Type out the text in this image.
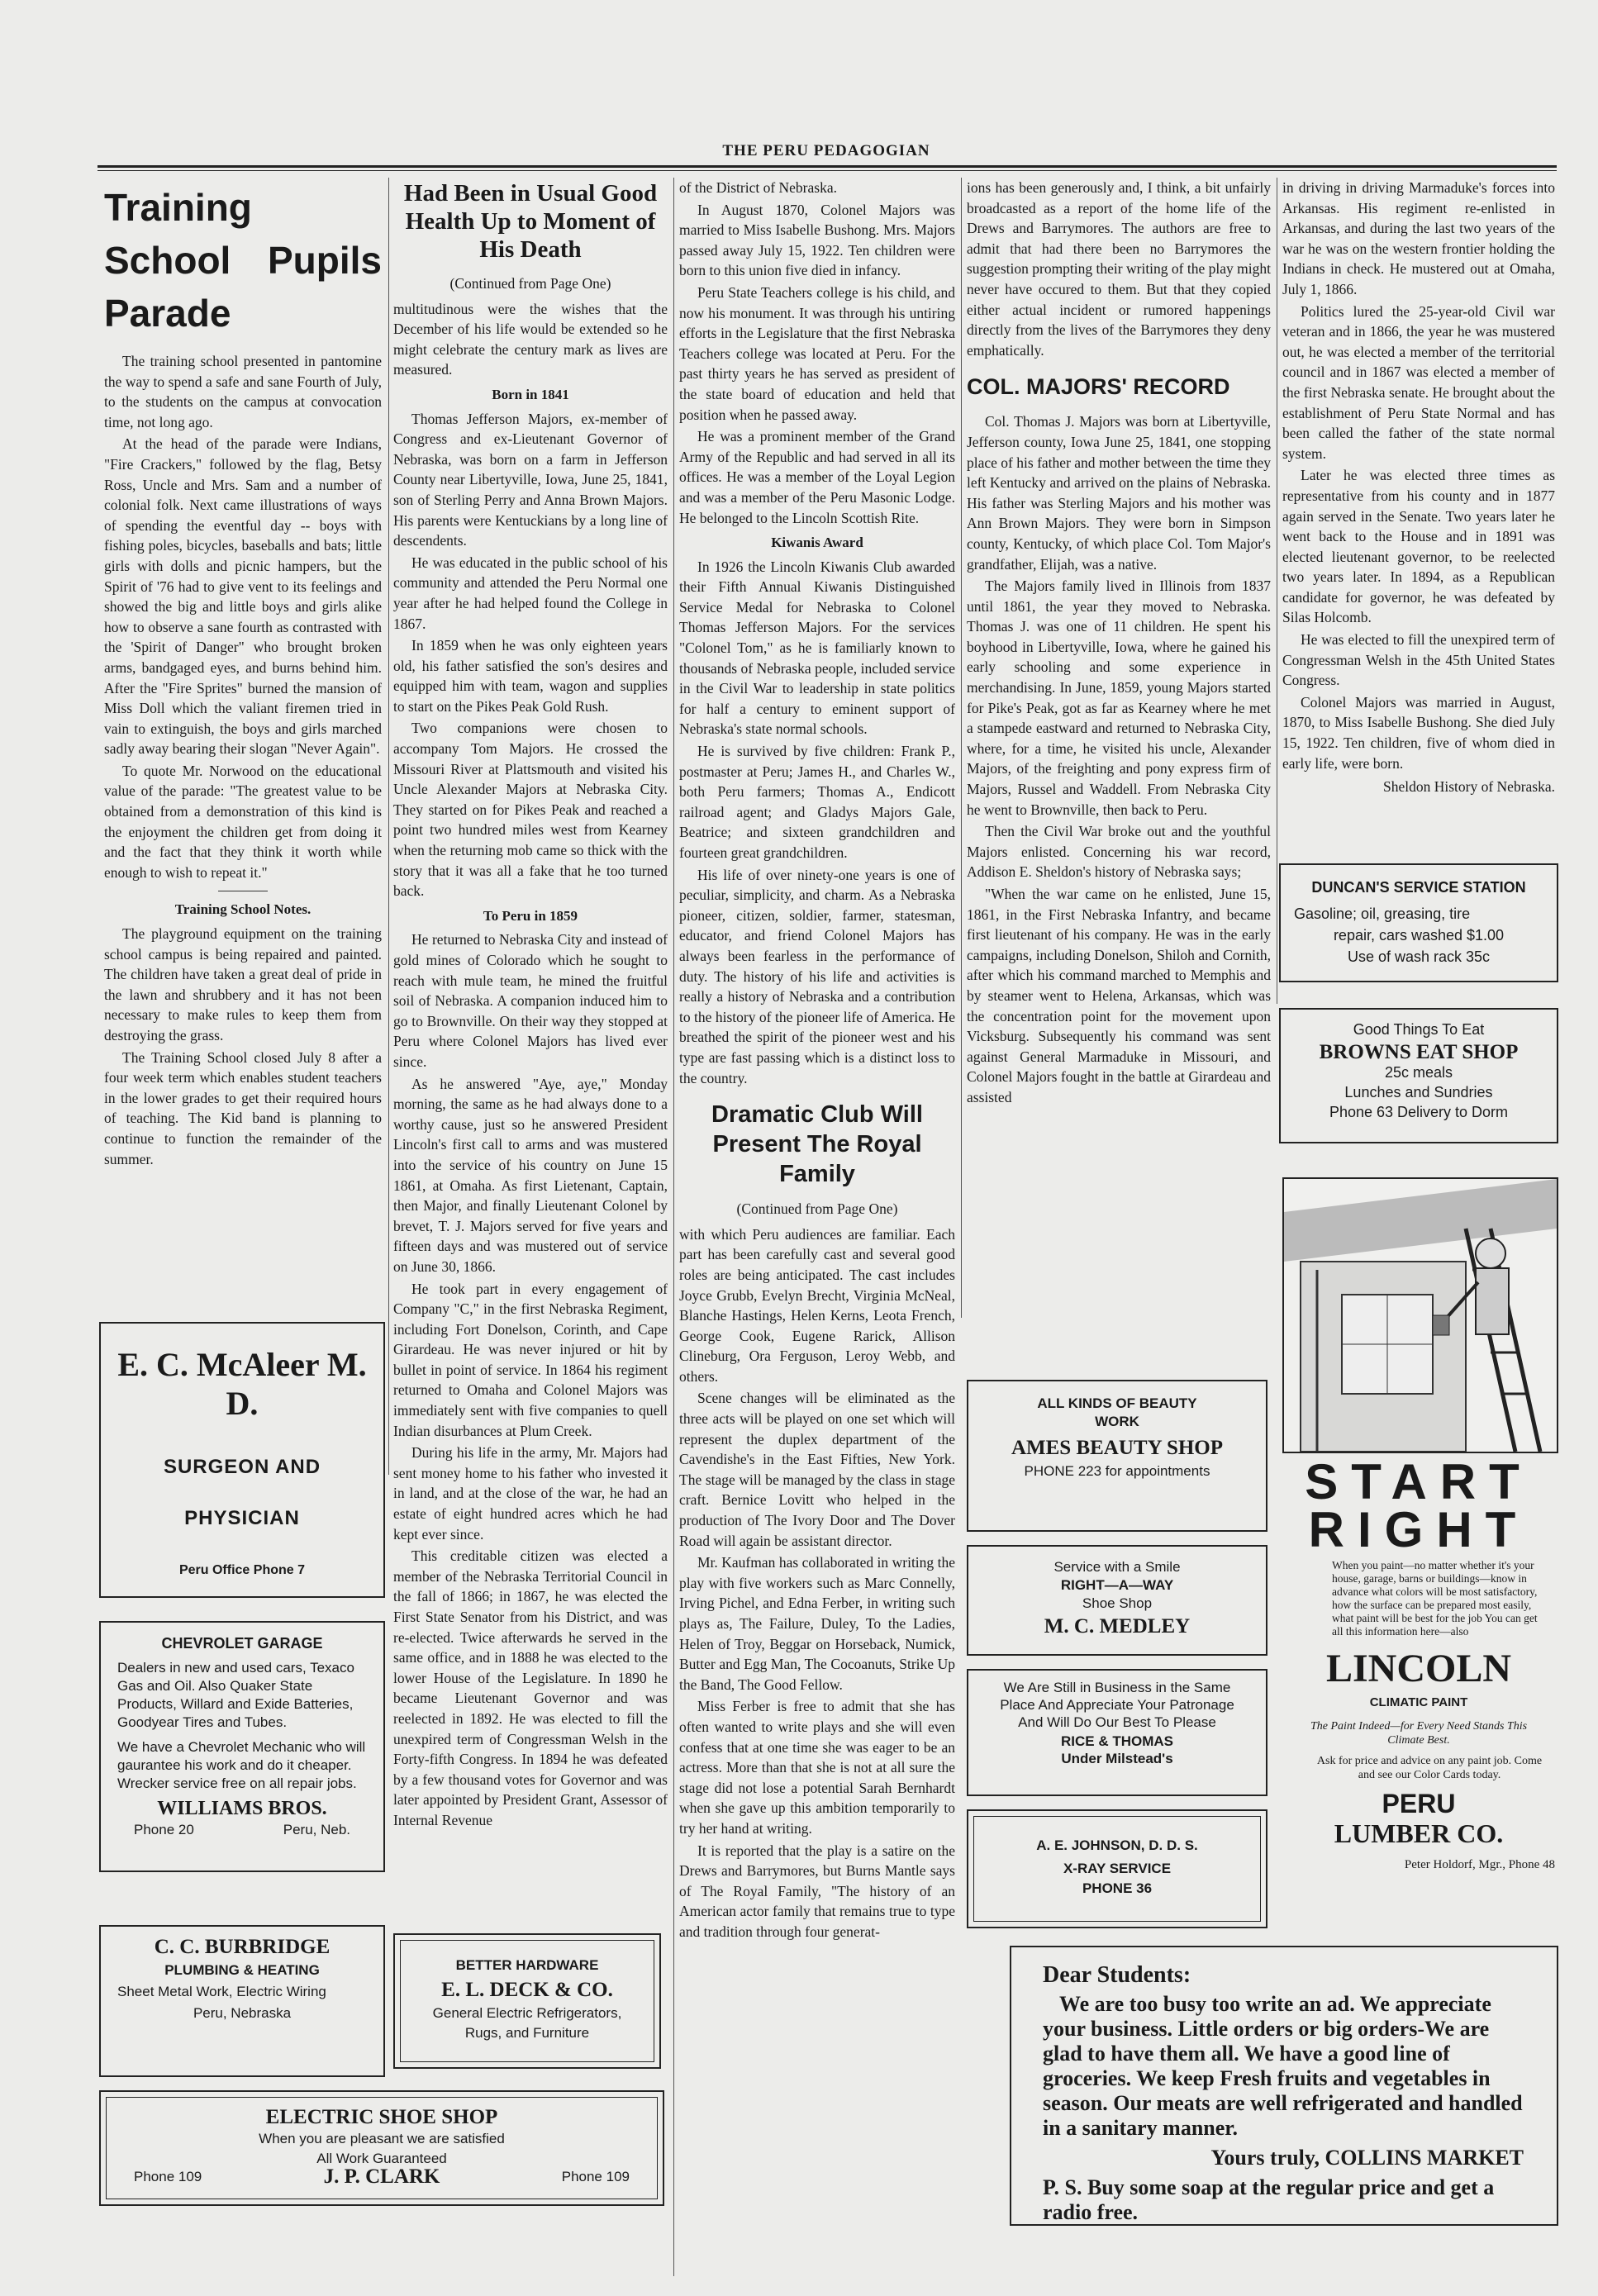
THE PERU PEDAGOGIAN
Training School Pupils Parade

The training school presented in pantomine the way to spend a safe and sane Fourth of July, to the students on the campus at convocation time, not long ago.

At the head of the parade were Indians, "Fire Crackers," followed by the flag, Betsy Ross, Uncle and Mrs. Sam and a number of colonial folk. Next came illustrations of ways of spending the eventful day -- boys with fishing poles, bicycles, baseballs and bats; little girls with dolls and picnic hampers, but the Spirit of '76 had to give vent to its feelings and showed the big and little boys and girls alike how to observe a sane fourth as contrasted with the 'Spirit of Danger" who brought broken arms, bandgaged eyes, and burns behind him. After the "Fire Sprites" burned the mansion of Miss Doll which the valiant firemen tried in vain to extinguish, the boys and girls marched sadly away bearing their slogan "Never Again".

To quote Mr. Norwood on the educational value of the parade: "The greatest value to be obtained from a demonstration of this kind is the enjoyment the children get from doing it and the fact that they think it worth while enough to wish to repeat it."

Training School Notes.

The playground equipment on the training school campus is being repaired and painted. The children have taken a great deal of pride in the lawn and shrubbery and it has not been necessary to make rules to keep them from destroying the grass.

The Training School closed July 8 after a four week term which enables student teachers in the lower grades to get their required hours of teaching. The Kid band is planning to continue to function the remainder of the summer.

Had Been in Usual Good Health Up to Moment of His Death
(Continued from Page One)

multitudinous were the wishes that the December of his life would be extended so he might celebrate the century mark as lives are measured.

Born in 1841

Thomas Jefferson Majors, ex-member of Congress and ex-Lieutenant Governor of Nebraska, was born on a farm in Jefferson County near Libertyville, Iowa, June 25, 1841, son of Sterling Perry and Anna Brown Majors. His parents were Kentuckians by a long line of descendents.

He was educated in the public school of his community and attended the Peru Normal one year after he had helped found the College in 1867.

In 1859 when he was only eighteen years old, his father satisfied the son's desires and equipped him with team, wagon and supplies to start on the Pikes Peak Gold Rush.

Two companions were chosen to accompany Tom Majors. He crossed the Missouri River at Plattsmouth and visited his Uncle Alexander Majors at Nebraska City. They started on for Pikes Peak and reached a point two hundred miles west from Kearney when the returning mob came so thick with the story that it was all a fake that he too turned back.

To Peru in 1859

He returned to Nebraska City and instead of gold mines of Colorado which he sought to reach with mule team, he mined the fruitful soil of Nebraska. A companion induced him to go to Brownville. On their way they stopped at Peru where Colonel Majors has lived ever since.

As he answered "Aye, aye," Monday morning, the same as he had always done to a worthy cause, just so he answered President Lincoln's first call to arms and was mustered into the service of his country on June 15 1861, at Omaha. As first Lietenant, Captain, then Major, and finally Lieutenant Colonel by brevet, T. J. Majors served for five years and fifteen days and was mustered out of service on June 30, 1866.

He took part in every engagement of Company "C," in the first Nebraska Regiment, including Fort Donelson, Corinth, and Cape Girardeau. He was never injured or hit by bullet in point of service. In 1864 his regiment returned to Omaha and Colonel Majors was immediately sent with five companies to quell Indian disurbances at Plum Creek.

During his life in the army, Mr. Majors had sent money home to his father who invested it in land, and at the close of the war, he had an estate of eight hundred acres which he had kept ever since.

This creditable citizen was elected a member of the Nebraska Territorial Council in the fall of 1866; in 1867, he was elected the First State Senator from his District, and was re-elected. Twice afterwards he served in the same office, and in 1888 he was elected to the lower House of the Legislature. In 1890 he became Lieutenant Governor and was reelected in 1892. He was elected to fill the unexpired term of Congressman Welsh in the Forty-fifth Congress. In 1894 he was defeated by a few thousand votes for Governor and was later appointed by President Grant, Assessor of Internal Revenue

of the District of Nebraska.

In August 1870, Colonel Majors was married to Miss Isabelle Bushong. Mrs. Majors passed away July 15, 1922. Ten children were born to this union five died in infancy.

Peru State Teachers college is his child, and now his monument. It was through his untiring efforts in the Legislature that the first Nebraska Teachers college was located at Peru. For the past thirty years he has served as president of the state board of education and held that position when he passed away.

He was a prominent member of the Grand Army of the Republic and had served in all its offices. He was a member of the Loyal Legion and was a member of the Peru Masonic Lodge. He belonged to the Lincoln Scottish Rite.

Kiwanis Award

In 1926 the Lincoln Kiwanis Club awarded their Fifth Annual Kiwanis Distinguished Service Medal for Nebraska to Colonel Thomas Jefferson Majors. For the services "Colonel Tom," as he is familiarly known to thousands of Nebraska people, included service in the Civil War to leadership in state politics for half a century to eminent support of Nebraska's state normal schools.

He is survived by five children: Frank P., postmaster at Peru; James H., and Charles W., both Peru farmers; Thomas A., Endicott railroad agent; and Gladys Majors Gale, Beatrice; and sixteen grandchildren and fourteen great grandchildren.

His life of over ninety-one years is one of peculiar, simplicity, and charm. As a Nebraska pioneer, citizen, soldier, farmer, statesman, educator, and friend Colonel Majors has always been fearless in the performance of duty. The history of his life and activities is really a history of Nebraska and a contribution to the history of the pioneer life of America. He breathed the spirit of the pioneer west and his type are fast passing which is a distinct loss to the country.

Dramatic Club Will Present The Royal Family
(Continued from Page One)

with which Peru audiences are familiar. Each part has been carefully cast and several good roles are being anticipated. The cast includes Joyce Grubb, Evelyn Brecht, Virginia McNeal, Blanche Hastings, Helen Kerns, Leota French, George Cook, Eugene Rarick, Allison Clineburg, Ora Ferguson, Leroy Webb, and others.

Scene changes will be eliminated as the three acts will be played on one set which will represent the duplex department of the Cavendishe's in the East Fifties, New York. The stage will be managed by the class in stage craft. Bernice Lovitt who helped in the production of The Ivory Door and The Dover Road will again be assistant director.

Mr. Kaufman has collaborated in writing the play with five workers such as Marc Connelly, Irving Pichel, and Edna Ferber, in writing such plays as, The Failure, Duley, To the Ladies, Helen of Troy, Beggar on Horseback, Numick, Butter and Egg Man, The Cocoanuts, Strike Up the Band, The Good Fellow.

Miss Ferber is free to admit that she has often wanted to write plays and she will even confess that at one time she was eager to be an actress. More than that she is not at all sure the stage did not lose a potential Sarah Bernhardt when she gave up this ambition temporarily to try her hand at writing.

It is reported that the play is a satire on the Drews and Barrymores, but Burns Mantle says of The Royal Family, "The history of an American actor family that remains true to type and tradition through four generat-

ions has been generously and, I think, a bit unfairly broadcasted as a report of the home life of the Drews and Barrymores. The authors are free to admit that had there been no Barrymores the suggestion prompting their writing of the play might never have occured to them. But that they copied either actual incident or rumored happenings directly from the lives of the Barrymores they deny emphatically.

COL. MAJORS' RECORD

Col. Thomas J. Majors was born at Libertyville, Jefferson county, Iowa June 25, 1841, one stopping place of his father and mother between the time they left Kentucky and arrived on the plains of Nebraska. His father was Sterling Majors and his mother was Ann Brown Majors. They were born in Simpson county, Kentucky, of which place Col. Tom Major's grandfather, Elijah, was a native.

The Majors family lived in Illinois from 1837 until 1861, the year they moved to Nebraska. Thomas J. was one of 11 children. He spent his boyhood in Libertyville, Iowa, where he gained his early schooling and some experience in merchandising. In June, 1859, young Majors started for Pike's Peak, got as far as Kearney where he met a stampede eastward and returned to Nebraska City, where, for a time, he visited his uncle, Alexander Majors, of the freighting and pony express firm of Majors, Russel and Waddell. From Nebraska City he went to Brownville, then back to Peru.

Then the Civil War broke out and the youthful Majors enlisted. Concerning his war record, Addison E. Sheldon's history of Nebraska says;

"When the war came on he enlisted, June 15, 1861, in the First Nebraska Infantry, and became first lieutenant of his company. He was in the early campaigns, including Donelson, Shiloh and Cornith, after which his command marched to Memphis and by steamer went to Helena, Arkansas, which was the concentration point for the movement upon Vicksburg. Subsequently his command was sent against General Marmaduke in Missouri, and Colonel Majors fought in the battle at Girardeau and assisted

in driving in driving Marmaduke's forces into Arkansas. His regiment re-enlisted in Arkansas, and during the last two years of the war he was on the western frontier holding the Indians in check. He mustered out at Omaha, July 1, 1866.

Politics lured the 25-year-old Civil war veteran and in 1866, the year he was mustered out, he was elected a member of the territorial council and in 1867 was elected a member of the first Nebraska senate. He brought about the establishment of Peru State Normal and has been called the father of the state normal system.

Later he was elected three times as representative from his county and in 1877 again served in the Senate. Two years later he went back to the House and in 1891 was elected lieutenant governor, to be reelected two years later. In 1894, as a Republican candidate for governor, he was defeated by Silas Holcomb.

He was elected to fill the unexpired term of Congressman Welsh in the 45th United States Congress.

Colonel Majors was married in August, 1870, to Miss Isabelle Bushong. She died July 15, 1922. Ten children, five of whom died in early life, were born.

Sheldon History of Nebraska.
E. C. McAleer M. D.
SURGEON AND
PHYSICIAN
Peru Office Phone 7
CHEVROLET GARAGE
Dealers in new and used cars, Texaco Gas and Oil. Also Quaker State Products, Willard and Exide Batteries, Goodyear Tires and Tubes.
We have a Chevrolet Mechanic who will gaurantee his work and do it cheaper. Wrecker service free on all repair jobs.
WILLIAMS BROS.
Phone 20	Peru, Neb.
C. C. BURBRIDGE
PLUMBING & HEATING
Sheet Metal Work, Electric Wiring
Peru, Nebraska
BETTER HARDWARE
E. L. DECK & CO.
General Electric Refrigerators,
Rugs, and Furniture
ELECTRIC SHOE SHOP
When you are pleasant we are satisfied
All Work Guaranteed
Phone 109	J. P. CLARK	Phone 109
ALL KINDS OF BEAUTY
WORK
AMES BEAUTY SHOP
PHONE 223 for appointments
Service with a Smile
RIGHT—A—WAY
Shoe Shop
M. C. MEDLEY
We Are Still in Business in the Same Place And Appreciate Your Patronage And Will Do Our Best To Please
RICE & THOMAS
Under Milstead's
A. E. JOHNSON, D. D. S.
X-RAY SERVICE
PHONE 36
DUNCAN'S SERVICE STATION
Gasoline; oil, greasing, tire
repair, cars washed $1.00
Use of wash rack 35c
Good Things To Eat
BROWNS EAT SHOP
25c meals
Lunches and Sundries
Phone 63 Delivery to Dorm
START
RIGHT
When you paint—no matter whether it's your house, garage, barns or buildings—know in advance what colors will be most satisfactory, how the surface can be prepared most easily, what paint will be best for the job You can get all this information here—also
LINCOLN
CLIMATIC PAINT
The Paint Indeed—for Every Need Stands This Climate Best.
Ask for price and advice on any paint job. Come and see our Color Cards today.
PERU
LUMBER CO.
Peter Holdorf, Mgr., Phone 48
Dear Students:
We are too busy too write an ad. We appreciate your business. Little orders or big orders-We are glad to have them all. We have a good line of groceries. We keep Fresh fruits and vegetables in season. Our meats are well refrigerated and handled in a sanitary manner.
Yours truly, COLLINS MARKET
P. S. Buy some soap at the regular price and get a radio free.
